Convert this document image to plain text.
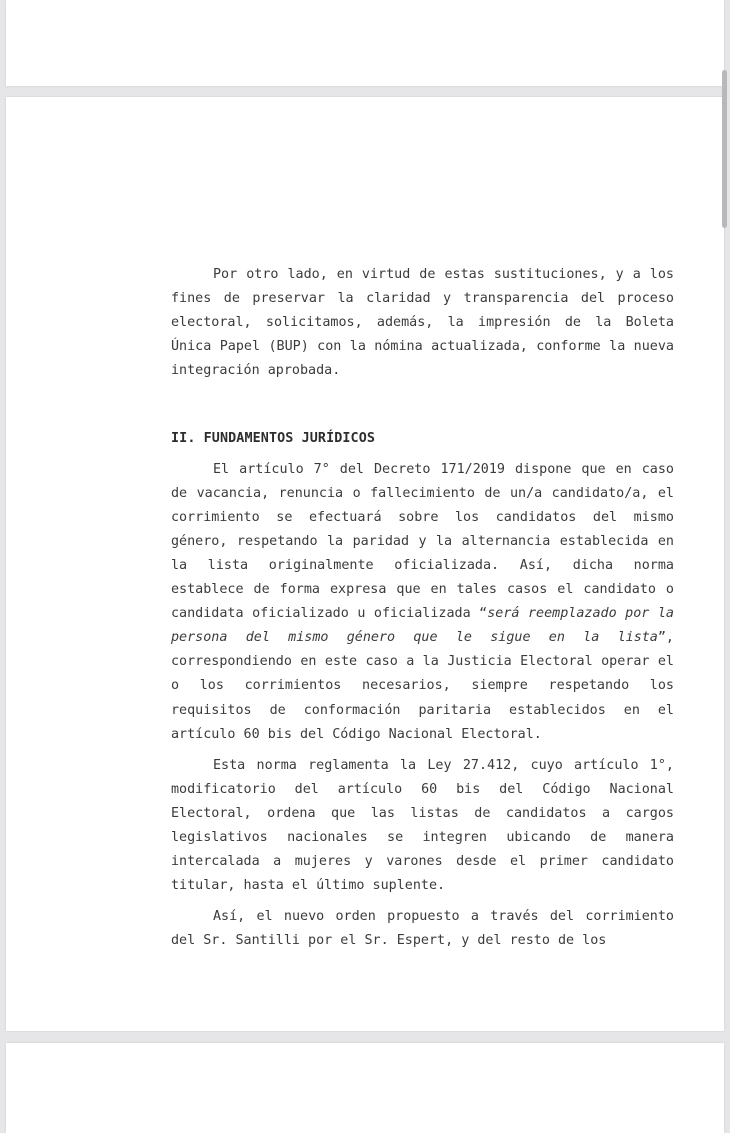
Por otro lado, en virtud de estas sustituciones, y a los fines de preservar la claridad y transparencia del proceso electoral, solicitamos, además, la impresión de la Boleta Única Papel (BUP) con la nómina actualizada, conforme la nueva integración aprobada.

II. FUNDAMENTOS JURÍDICOS

El artículo 7° del Decreto 171/2019 dispone que en caso de vacancia, renuncia o fallecimiento de un/a candidato/a, el corrimiento se efectuará sobre los candidatos del mismo género, respetando la paridad y la alternancia establecida en la lista originalmente oficializada. Así, dicha norma establece de forma expresa que en tales casos el candidato o candidata oficializado u oficializada “será reemplazado por la persona del mismo género que le sigue en la lista”, correspondiendo en este caso a la Justicia Electoral operar el o los corrimientos necesarios, siempre respetando los requisitos de conformación paritaria establecidos en el artículo 60 bis del Código Nacional Electoral.

Esta norma reglamenta la Ley 27.412, cuyo artículo 1°, modificatorio del artículo 60 bis del Código Nacional Electoral, ordena que las listas de candidatos a cargos legislativos nacionales se integren ubicando de manera intercalada a mujeres y varones desde el primer candidato titular, hasta el último suplente.

Así, el nuevo orden propuesto a través del corrimiento del Sr. Santilli por el Sr. Espert, y del resto de los
